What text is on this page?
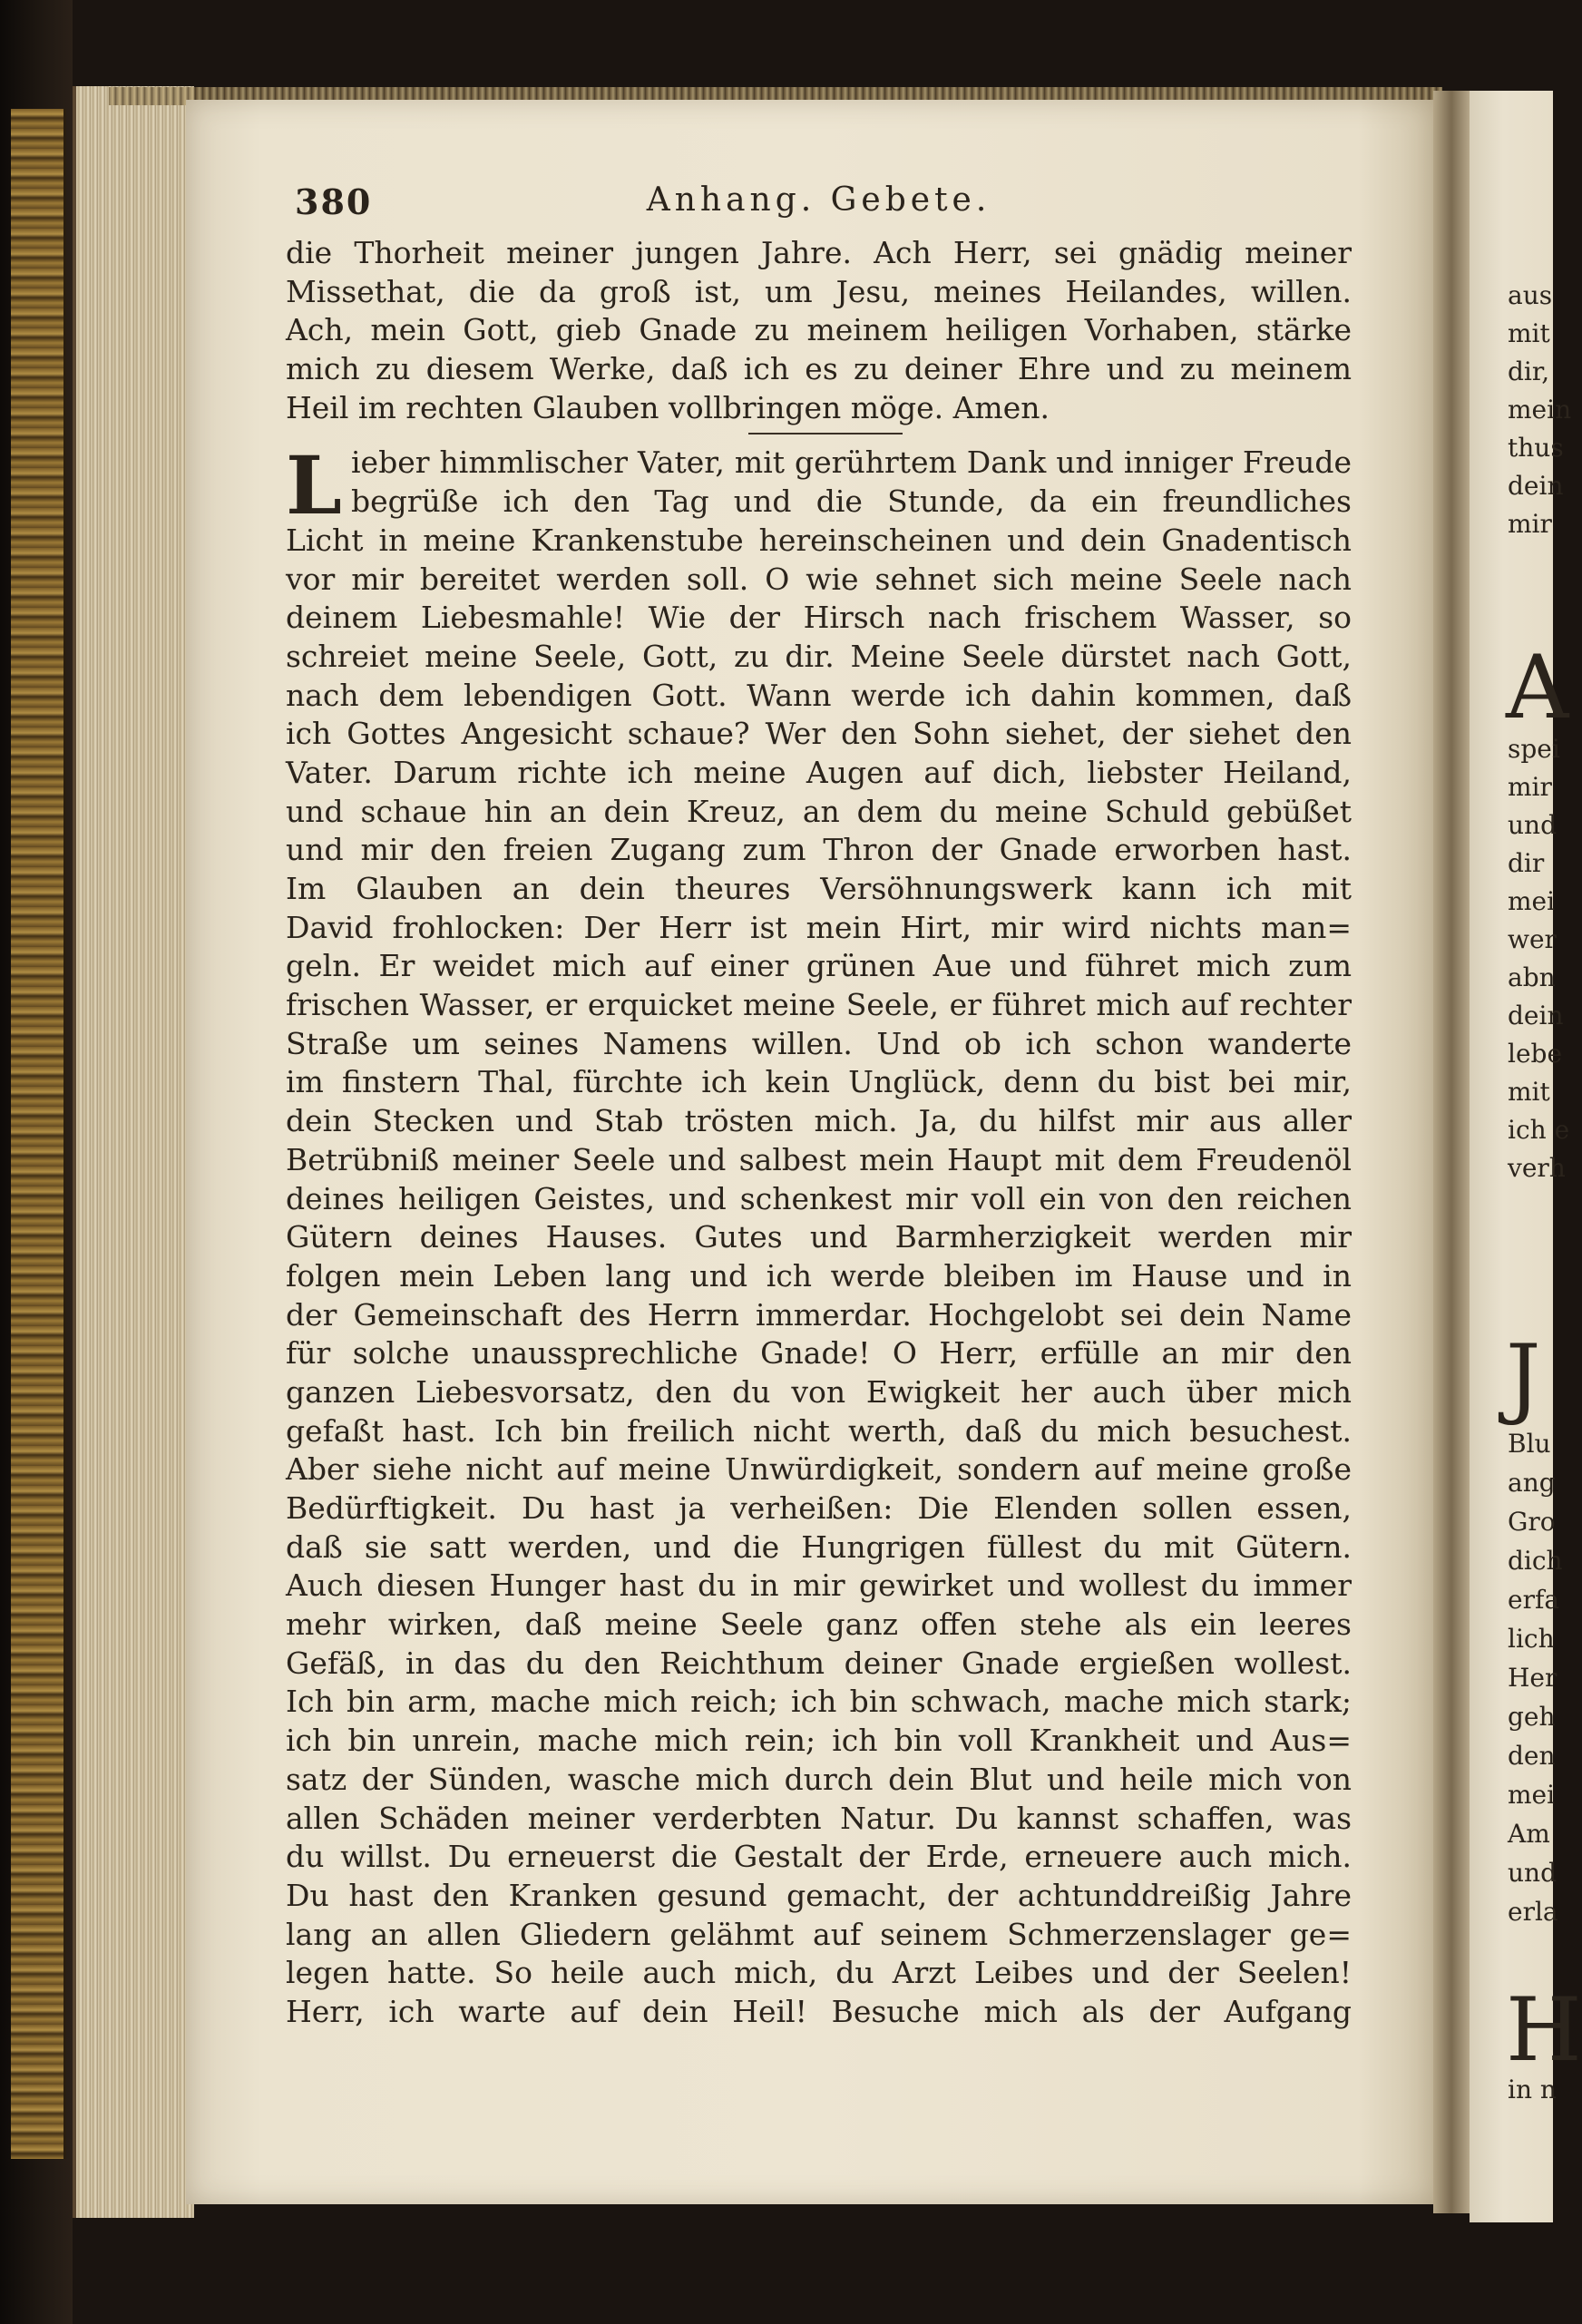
aus
mit
dir,
mein
thus
dein
mir
A
spei
mir
und
dir
mei
wer
abn
dein
lebe
mit
ich e
verh
J
Blu
ang
Gro
dich
erfa
lich
Her
geh
den
mei
Am
und
erla
H
in n
380	Anhang. Gebete.
die Thorheit meiner jungen Jahre. Ach Herr, sei gnädig meiner
Missethat, die da groß ist, um Jesu, meines Heilandes, willen.
Ach, mein Gott, gieb Gnade zu meinem heiligen Vorhaben, stärke
mich zu diesem Werke, daß ich es zu deiner Ehre und zu meinem
Heil im rechten Glauben vollbringen möge. Amen.
L ieber himmlischer Vater, mit gerührtem Dank und inniger Freude
begrüße ich den Tag und die Stunde, da ein freundliches
Licht in meine Krankenstube hereinscheinen und dein Gnadentisch
vor mir bereitet werden soll. O wie sehnet sich meine Seele nach
deinem Liebesmahle! Wie der Hirsch nach frischem Wasser, so
schreiet meine Seele, Gott, zu dir. Meine Seele dürstet nach Gott,
nach dem lebendigen Gott. Wann werde ich dahin kommen, daß
ich Gottes Angesicht schaue? Wer den Sohn siehet, der siehet den
Vater. Darum richte ich meine Augen auf dich, liebster Heiland,
und schaue hin an dein Kreuz, an dem du meine Schuld gebüßet
und mir den freien Zugang zum Thron der Gnade erworben hast.
Im Glauben an dein theures Versöhnungswerk kann ich mit
David frohlocken: Der Herr ist mein Hirt, mir wird nichts man=
geln. Er weidet mich auf einer grünen Aue und führet mich zum
frischen Wasser, er erquicket meine Seele, er führet mich auf rechter
Straße um seines Namens willen. Und ob ich schon wanderte
im finstern Thal, fürchte ich kein Unglück, denn du bist bei mir,
dein Stecken und Stab trösten mich. Ja, du hilfst mir aus aller
Betrübniß meiner Seele und salbest mein Haupt mit dem Freudenöl
deines heiligen Geistes, und schenkest mir voll ein von den reichen
Gütern deines Hauses. Gutes und Barmherzigkeit werden mir
folgen mein Leben lang und ich werde bleiben im Hause und in
der Gemeinschaft des Herrn immerdar. Hochgelobt sei dein Name
für solche unaussprechliche Gnade! O Herr, erfülle an mir den
ganzen Liebesvorsatz, den du von Ewigkeit her auch über mich
gefaßt hast. Ich bin freilich nicht werth, daß du mich besuchest.
Aber siehe nicht auf meine Unwürdigkeit, sondern auf meine große
Bedürftigkeit. Du hast ja verheißen: Die Elenden sollen essen,
daß sie satt werden, und die Hungrigen füllest du mit Gütern.
Auch diesen Hunger hast du in mir gewirket und wollest du immer
mehr wirken, daß meine Seele ganz offen stehe als ein leeres
Gefäß, in das du den Reichthum deiner Gnade ergießen wollest.
Ich bin arm, mache mich reich; ich bin schwach, mache mich stark;
ich bin unrein, mache mich rein; ich bin voll Krankheit und Aus=
satz der Sünden, wasche mich durch dein Blut und heile mich von
allen Schäden meiner verderbten Natur. Du kannst schaffen, was
du willst. Du erneuerst die Gestalt der Erde, erneuere auch mich.
Du hast den Kranken gesund gemacht, der achtunddreißig Jahre
lang an allen Gliedern gelähmt auf seinem Schmerzenslager ge=
legen hatte. So heile auch mich, du Arzt Leibes und der Seelen!
Herr, ich warte auf dein Heil! Besuche mich als der Aufgang
